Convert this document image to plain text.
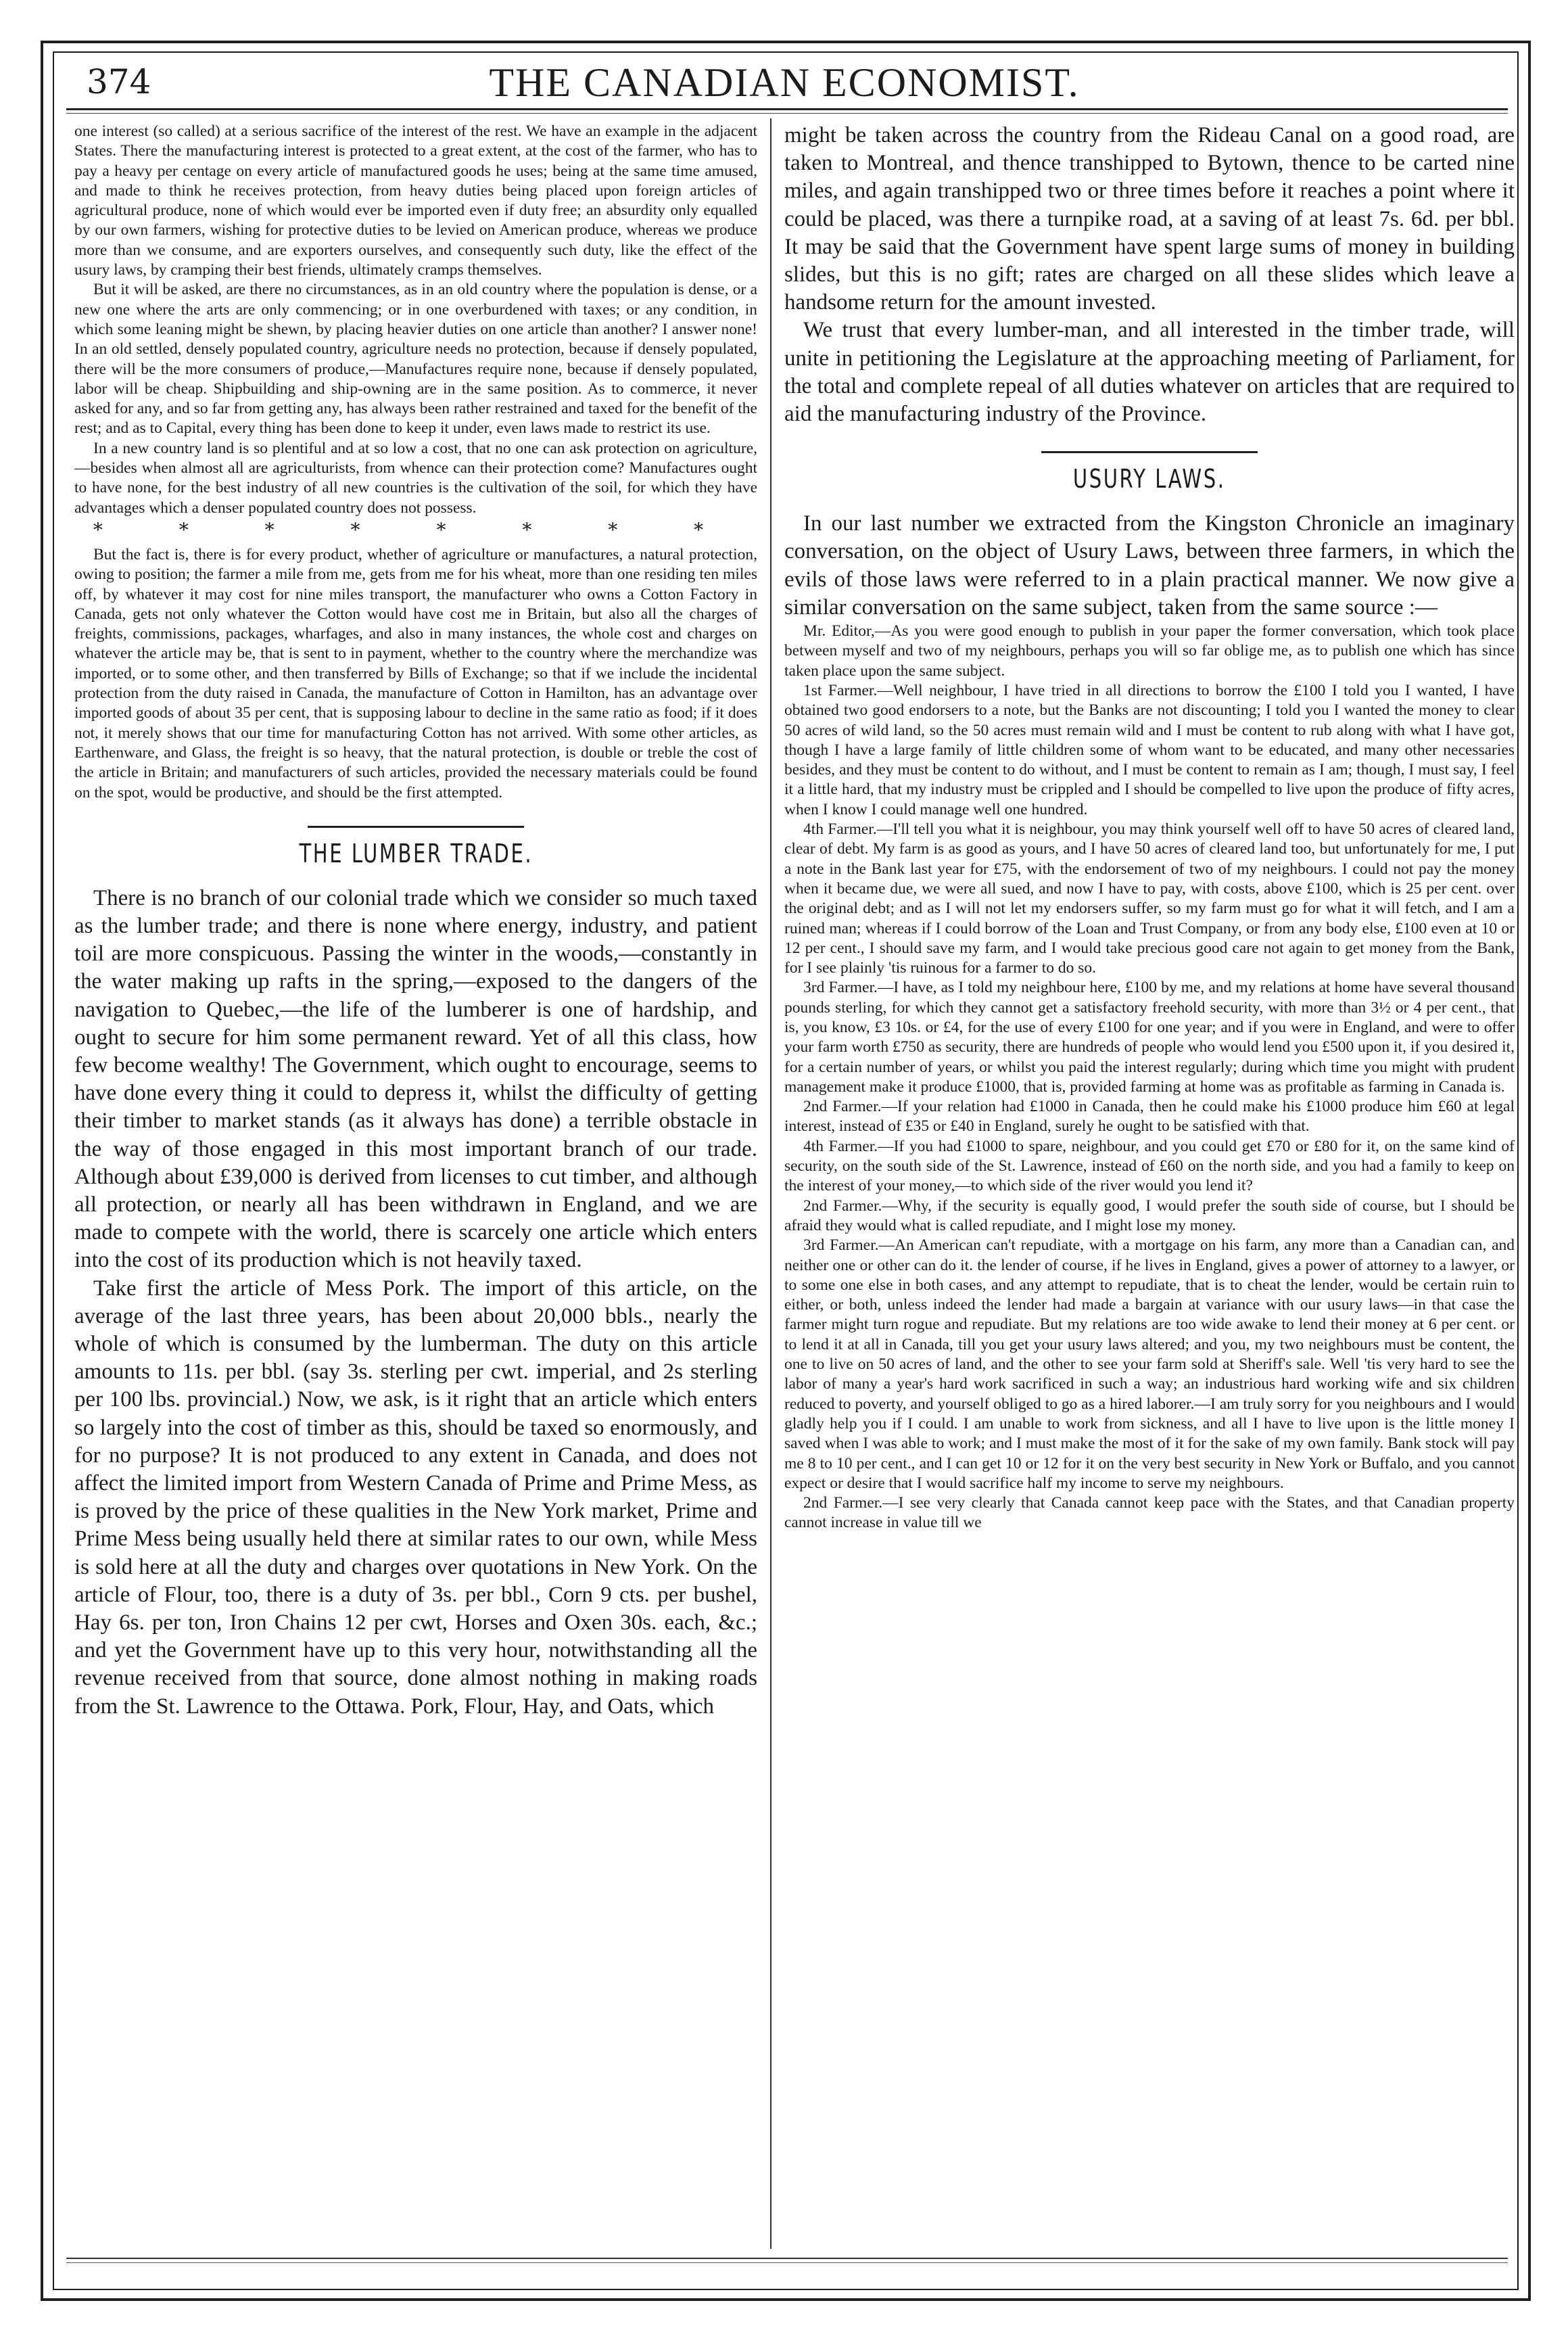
THE CANADIAN ECONOMIST.
374

one interest (so called) at a serious sacrifice of the interest of the rest. We have an example in the adjacent States. There the manufacturing interest is protected to a great extent, at the cost of the farmer, who has to pay a heavy per centage on every article of manufactured goods he uses; being at the same time amused, and made to think he receives protection, from heavy duties being placed upon foreign articles of agricultural produce, none of which would ever be imported even if duty free; an absurdity only equalled by our own farmers, wishing for protective duties to be levied on American produce, whereas we produce more than we consume, and are exporters ourselves, and consequently such duty, like the effect of the usury laws, by cramping their best friends, ultimately cramps themselves.

But it will be asked, are there no circumstances, as in an old country where the population is dense, or a new one where the arts are only commencing; or in one overburdened with taxes; or any condition, in which some leaning might be shewn, by placing heavier duties on one article than another? I answer none! In an old settled, densely populated country, agriculture needs no protection, because if densely populated, there will be the more consumers of produce,—Manufactures require none, because if densely populated, labor will be cheap. Shipbuilding and ship-owning are in the same position. As to commerce, it never asked for any, and so far from getting any, has always been rather restrained and taxed for the benefit of the rest; and as to Capital, every thing has been done to keep it under, even laws made to restrict its use.

In a new country land is so plentiful and at so low a cost, that no one can ask protection on agriculture,—besides when almost all are agriculturists, from whence can their protection come? Manufactures ought to have none, for the best industry of all new countries is the cultivation of the soil, for which they have advantages which a denser populated country does not possess.

* * * * * * * *

But the fact is, there is for every product, whether of agriculture or manufactures, a natural protection, owing to position; the farmer a mile from me, gets from me for his wheat, more than one residing ten miles off, by whatever it may cost for nine miles transport, the manufacturer who owns a Cotton Factory in Canada, gets not only whatever the Cotton would have cost me in Britain, but also all the charges of freights, commissions, packages, wharfages, and also in many instances, the whole cost and charges on whatever the article may be, that is sent to in payment, whether to the country where the merchandize was imported, or to some other, and then transferred by Bills of Exchange; so that if we include the incidental protection from the duty raised in Canada, the manufacture of Cotton in Hamilton, has an advantage over imported goods of about 35 per cent, that is supposing labour to decline in the same ratio as food; if it does not, it merely shows that our time for manufacturing Cotton has not arrived. With some other articles, as Earthenware, and Glass, the freight is so heavy, that the natural protection, is double or treble the cost of the article in Britain; and manufacturers of such articles, provided the necessary materials could be found on the spot, would be productive, and should be the first attempted.

THE LUMBER TRADE.

There is no branch of our colonial trade which we consider so much taxed as the lumber trade; and there is none where energy, industry, and patient toil are more conspicuous. Passing the winter in the woods,—constantly in the water making up rafts in the spring,—exposed to the dangers of the navigation to Quebec,—the life of the lumberer is one of hardship, and ought to secure for him some permanent reward. Yet of all this class, how few become wealthy! The Government, which ought to encourage, seems to have done every thing it could to depress it, whilst the difficulty of getting their timber to market stands (as it always has done) a terrible obstacle in the way of those engaged in this most important branch of our trade. Although about £39,000 is derived from licenses to cut timber, and although all protection, or nearly all has been withdrawn in England, and we are made to compete with the world, there is scarcely one article which enters into the cost of its production which is not heavily taxed.

Take first the article of Mess Pork. The import of this article, on the average of the last three years, has been about 20,000 bbls., nearly the whole of which is consumed by the lumberman. The duty on this article amounts to 11s. per bbl. (say 3s. sterling per cwt. imperial, and 2s sterling per 100 lbs. provincial.) Now, we ask, is it right that an article which enters so largely into the cost of timber as this, should be taxed so enormously, and for no purpose? It is not produced to any extent in Canada, and does not affect the limited import from Western Canada of Prime and Prime Mess, as is proved by the price of these qualities in the New York market, Prime and Prime Mess being usually held there at similar rates to our own, while Mess is sold here at all the duty and charges over quotations in New York. On the article of Flour, too, there is a duty of 3s. per bbl., Corn 9 cts. per bushel, Hay 6s. per ton, Iron Chains 12 per cwt, Horses and Oxen 30s. each, &c.; and yet the Government have up to this very hour, notwithstanding all the revenue received from that source, done almost nothing in making roads from the St. Lawrence to the Ottawa. Pork, Flour, Hay, and Oats, which

might be taken across the country from the Rideau Canal on a good road, are taken to Montreal, and thence transhipped to Bytown, thence to be carted nine miles, and again transhipped two or three times before it reaches a point where it could be placed, was there a turnpike road, at a saving of at least 7s. 6d. per bbl. It may be said that the Government have spent large sums of money in building slides, but this is no gift; rates are charged on all these slides which leave a handsome return for the amount invested.

We trust that every lumber-man, and all interested in the timber trade, will unite in petitioning the Legislature at the approaching meeting of Parliament, for the total and complete repeal of all duties whatever on articles that are required to aid the manufacturing industry of the Province.

USURY LAWS.

In our last number we extracted from the Kingston Chronicle an imaginary conversation, on the object of Usury Laws, between three farmers, in which the evils of those laws were referred to in a plain practical manner. We now give a similar conversation on the same subject, taken from the same source :—

Mr. Editor,—As you were good enough to publish in your paper the former conversation, which took place between myself and two of my neighbours, perhaps you will so far oblige me, as to publish one which has since taken place upon the same subject.

1st Farmer.—Well neighbour, I have tried in all directions to borrow the £100 I told you I wanted, I have obtained two good endorsers to a note, but the Banks are not discounting; I told you I wanted the money to clear 50 acres of wild land, so the 50 acres must remain wild and I must be content to rub along with what I have got, though I have a large family of little children some of whom want to be educated, and many other necessaries besides, and they must be content to do without, and I must be content to remain as I am; though, I must say, I feel it a little hard, that my industry must be crippled and I should be compelled to live upon the produce of fifty acres, when I know I could manage well one hundred.

4th Farmer.—I'll tell you what it is neighbour, you may think yourself well off to have 50 acres of cleared land, clear of debt. My farm is as good as yours, and I have 50 acres of cleared land too, but unfortunately for me, I put a note in the Bank last year for £75, with the endorsement of two of my neighbours. I could not pay the money when it became due, we were all sued, and now I have to pay, with costs, above £100, which is 25 per cent. over the original debt; and as I will not let my endorsers suffer, so my farm must go for what it will fetch, and I am a ruined man; whereas if I could borrow of the Loan and Trust Company, or from any body else, £100 even at 10 or 12 per cent., I should save my farm, and I would take precious good care not again to get money from the Bank, for I see plainly 'tis ruinous for a farmer to do so.

3rd Farmer.—I have, as I told my neighbour here, £100 by me, and my relations at home have several thousand pounds sterling, for which they cannot get a satisfactory freehold security, with more than 3½ or 4 per cent., that is, you know, £3 10s. or £4, for the use of every £100 for one year; and if you were in England, and were to offer your farm worth £750 as security, there are hundreds of people who would lend you £500 upon it, if you desired it, for a certain number of years, or whilst you paid the interest regularly; during which time you might with prudent management make it produce £1000, that is, provided farming at home was as profitable as farming in Canada is.

2nd Farmer.—If your relation had £1000 in Canada, then he could make his £1000 produce him £60 at legal interest, instead of £35 or £40 in England, surely he ought to be satisfied with that.

4th Farmer.—If you had £1000 to spare, neighbour, and you could get £70 or £80 for it, on the same kind of security, on the south side of the St. Lawrence, instead of £60 on the north side, and you had a family to keep on the interest of your money,—to which side of the river would you lend it?

2nd Farmer.—Why, if the security is equally good, I would prefer the south side of course, but I should be afraid they would what is called repudiate, and I might lose my money.

3rd Farmer.—An American can't repudiate, with a mortgage on his farm, any more than a Canadian can, and neither one or other can do it. the lender of course, if he lives in England, gives a power of attorney to a lawyer, or to some one else in both cases, and any attempt to repudiate, that is to cheat the lender, would be certain ruin to either, or both, unless indeed the lender had made a bargain at variance with our usury laws—in that case the farmer might turn rogue and repudiate. But my relations are too wide awake to lend their money at 6 per cent. or to lend it at all in Canada, till you get your usury laws altered; and you, my two neighbours must be content, the one to live on 50 acres of land, and the other to see your farm sold at Sheriff's sale. Well 'tis very hard to see the labor of many a year's hard work sacrificed in such a way; an industrious hard working wife and six children reduced to poverty, and yourself obliged to go as a hired laborer.—I am truly sorry for you neighbours and I would gladly help you if I could. I am unable to work from sickness, and all I have to live upon is the little money I saved when I was able to work; and I must make the most of it for the sake of my own family. Bank stock will pay me 8 to 10 per cent., and I can get 10 or 12 for it on the very best security in New York or Buffalo, and you cannot expect or desire that I would sacrifice half my income to serve my neighbours.

2nd Farmer.—I see very clearly that Canada cannot keep pace with the States, and that Canadian property cannot increase in value till we
